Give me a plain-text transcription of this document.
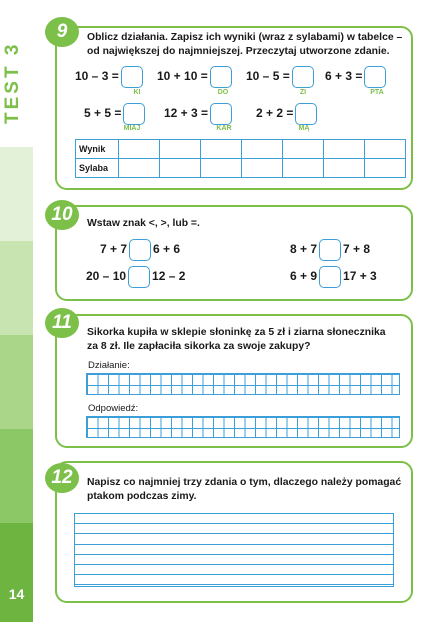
TEST 3
14
9	Oblicz działania. Zapisz ich wyniki (wraz z sylabami) w tabelce – od największej do najmniejszej. Przeczytaj utworzone zdanie.
10 – 3 =
KI
10 + 10 =
DO
10 – 5 =
ZI
6 + 3 =
PTA
5 + 5 =
MIAJ
12 + 3 =
KAR
2 + 2 =
MĄ
Wynik							
Sylaba							
10	Wstaw znak <, >, lub =.
7 + 7 6 + 6	8 + 7 7 + 8
20 – 10 12 – 2	6 + 9 17 + 3
11	Sikorka kupiła w sklepie słoninkę za 5 zł i ziarna słonecznika za 8 zł. Ile zapłaciła sikorka za swoje zakupy?
Działanie:
Odpowiedź:
12	Napisz co najmniej trzy zdania o tym, dlaczego należy pomagać ptakom podczas zimy.
